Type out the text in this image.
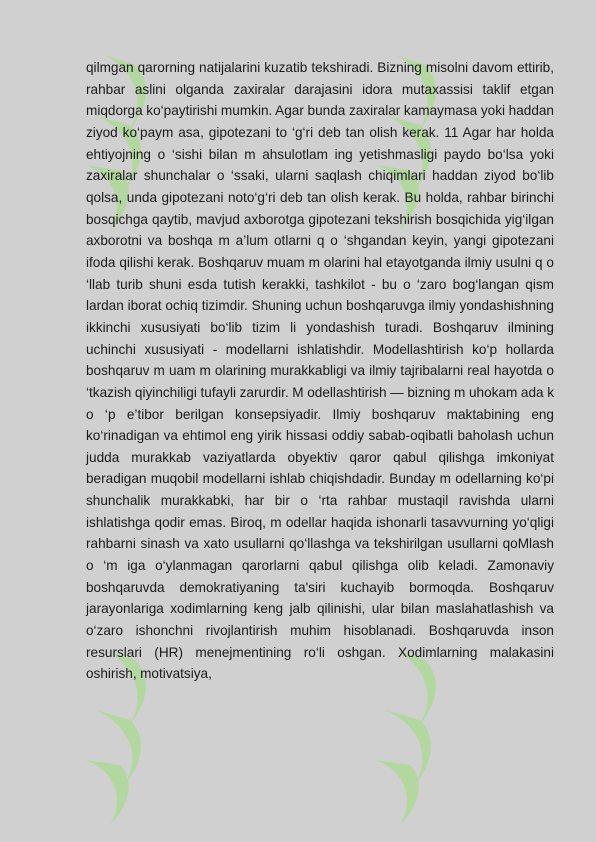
qilmgan qarorning natijalarini kuzatib tekshiradi. Bizning misolni davom ettirib, rahbar aslini olganda zaxiralar darajasini idora mutaxassisi taklif etgan miqdorga ko‘paytirishi mumkin. Agar bunda zaxiralar kamaymasa yoki haddan ziyod ko‘paym asa, gipotezani to ‘g‘ri deb tan olish kerak. 11 Agar har holda ehtiyojning o ‘sishi bilan m ahsulotlam ing yetishmasligi paydo bo‘lsa yoki zaxiralar shunchalar o ‘ssaki, ularni saqlash chiqimlari haddan ziyod bo‘lib qolsa, unda gipotezani noto‘g‘ri deb tan olish kerak. Bu holda, rahbar birinchi bosqichga qaytib, mavjud axborotga gipotezani tekshirish bosqichida yig‘ilgan axborotni va boshqa m a’lum otlarni q o ‘shgandan keyin, yangi gipotezani ifoda qilishi kerak. Boshqaruv muam m olarini hal etayotganda ilmiy usulni q o ‘llab turib shuni esda tutish kerakki, tashkilot - bu o ‘zaro bog‘langan qism lardan iborat ochiq tizimdir. Shuning uchun boshqaruvga ilmiy yondashishning ikkinchi xususiyati bo‘lib tizim li yondashish turadi. Boshqaruv ilmining uchinchi xususiyati - modellarni ishlatishdir. Modellashtirish ko‘p hollarda boshqaruv m uam m olarining murakkabligi va ilmiy tajribalarni real hayotda o ‘tkazish qiyinchiligi tufayli zarurdir. M odellashtirish — bizning m uhokam ada k o ‘p e’tibor berilgan konsepsiyadir. Ilmiy boshqaruv maktabining eng ko‘rinadigan va ehtimol eng yirik hissasi oddiy sabab-oqibatli baholash uchun judda murakkab vaziyatlarda obyektiv qaror qabul qilishga imkoniyat beradigan muqobil modellarni ishlab chiqishdadir. Bunday m odellarning ko‘pi shunchalik murakkabki, har bir o ‘rta rahbar mustaqil ravishda ularni ishlatishga qodir emas. Biroq, m odellar haqida ishonarli tasavvurning yo‘qligi rahbarni sinash va xato usullarni qo‘llashga va tekshirilgan usullarni qoMlash o ‘m iga o‘ylanmagan qarorlarni qabul qilishga olib keladi. Zamonaviy boshqaruvda demokratiyaning ta'siri kuchayib bormoqda. Boshqaruv jarayonlariga xodimlarning keng jalb qilinishi, ular bilan maslahatlashish va o‘zaro ishonchni rivojlantirish muhim hisoblanadi. Boshqaruvda inson resurslari (HR) menejmentining ro‘li oshgan. Xodimlarning malakasini oshirish, motivatsiya,
